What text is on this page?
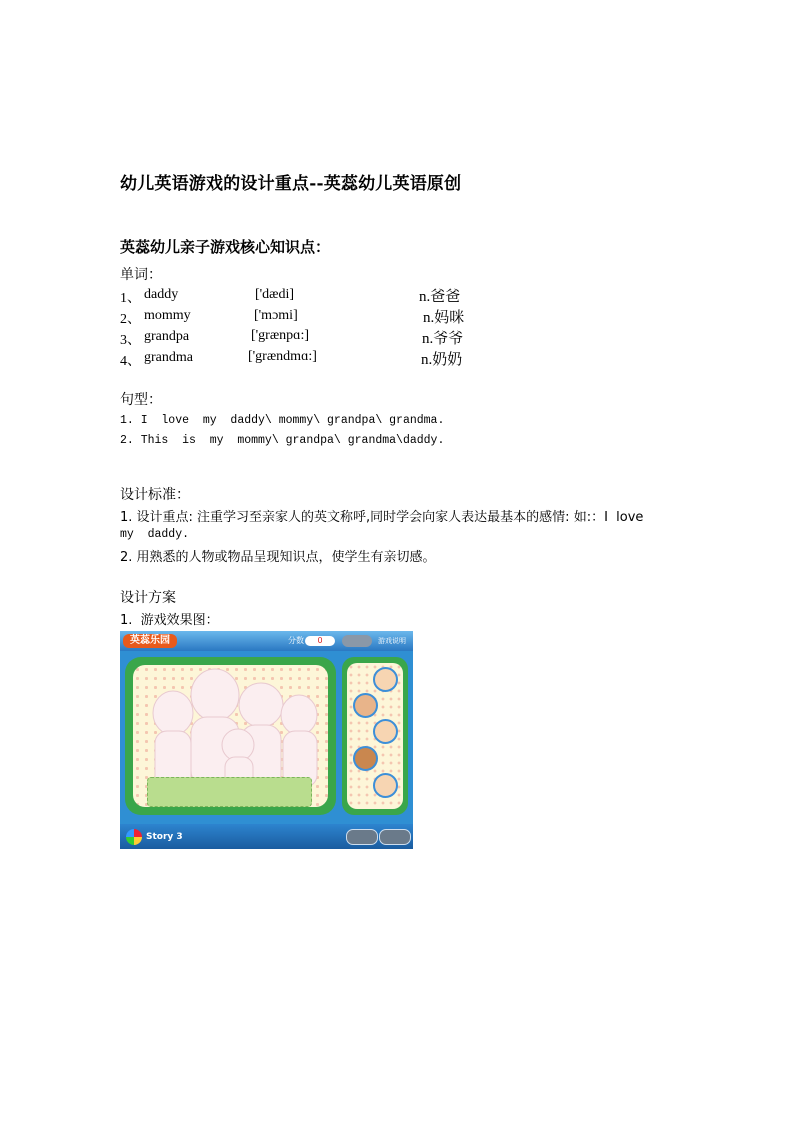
幼儿英语游戏的设计重点--英蕊幼儿英语原创
英蕊幼儿亲子游戏核心知识点：
单词：
1、 daddy	['dædi]	n.爸爸
2、 mommy	['mɔmi]	n.妈咪
3、 grandpa	['grænpɑ:]	n.爷爷
4、 grandma	['grændmɑ:]	n.奶奶
句型：
1. I  love  my  daddy\ mommy\ grandpa\ grandma.
2. This  is  my  mommy\ grandpa\ grandma\daddy.
设计标准：
1. 设计重点: 注重学习至亲家人的英文称呼,同时学会向家人表达最基本的感情: 如:：I  love
my  daddy.
2. 用熟悉的人物或物品呈现知识点，使学生有亲切感。
设计方案
1.  游戏效果图：
英蕊乐园	分数	0	游戏说明
Story 3
